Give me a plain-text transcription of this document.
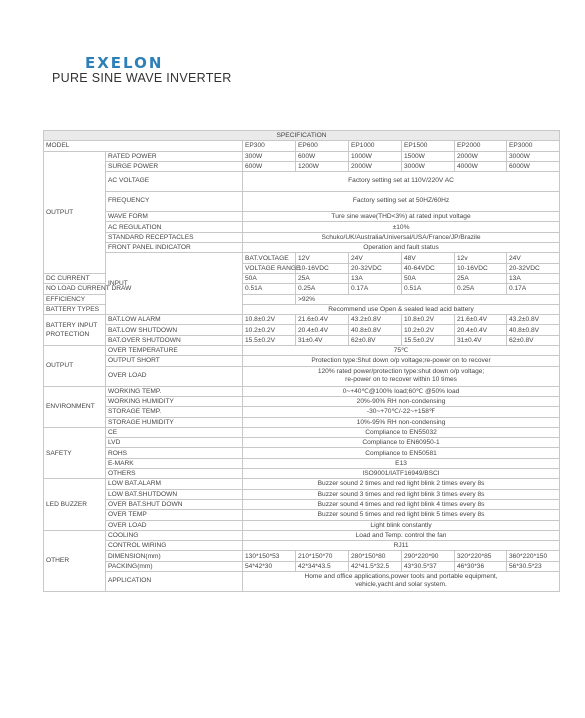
EXELON
PURE SINE WAVE INVERTER
SPECIFICATION								
MODEL		EP300	EP600	EP1000	EP1500	EP2000	EP3000	
OUTPUT	RATED POWER	300W	600W	1000W	1500W	2000W	3000W	
	SURGE POWER	600W	1200W	2000W	3000W	4000W	6000W	
	AC VOLTAGE	Factory setting set at 110V/220V AC						
	FREQUENCY	Factory setting set at 50HZ/60Hz						
	WAVE FORM	Ture sine wave(THD<3%) at rated input voltage						
	AC REGULATION	±10%						
	STANDARD RECEPTACLES	Schuko/UK/Australia/Universal/USA/France/JP/Brazile						
	FRONT PANEL INDICATOR	Operation and fault status						
	INPUT	BAT.VOLTAGE	12V	24V	48V	12v	24V	
		VOLTAGE RANGE	10-16VDC	20-32VDC	40-64VDC	10-16VDC	20-32VDC	
DC CURRENT		50A	25A	13A	50A	25A	13A	
NO LOAD CURRENT DRAW		0.51A	0.25A	0.17A	0.51A	0.25A	0.17A	
EFFICIENCY			>92%					
BATTERY TYPES		Recommend use Open & sealed lead acid battery						

BATTERY INPUT
PROTECTION	BAT.LOW ALARM	10.8±0.2V	21.6±0.4V	43.2±0.8V	10.8±0.2V	21.6±0.4V	43.2±0.8V	
	BAT.LOW SHUTDOWN	10.2±0.2V	20.4±0.4V	40.8±0.8V	10.2±0.2V	20.4±0.4V	40.8±0.8V	
	BAT.OVER SHUTDOWN	15.5±0.2V	31±0.4V	62±0.8V	15.5±0.2V	31±0.4V	62±0.8V	
OUTPUT	OVER TEMPERATURE	75℃						
	OUTPUT SHORT	Protection type:Shut down o/p voltage;re-power on to recover						
	OVER LOAD	120% rated power/protection type:shut down o/p voltage;
re-power on to recover within 10 times						

ENVIRONMENT	WORKING TEMP.	0~+40℃@100% load;60℃ @50% load						
	WORKING HUMIDITY	20%-90% RH non-condensing						
	STORAGE TEMP.	-30~+70℃/-22~+158℉						
	STORAGE HUMIDITY	10%-95% RH non-condensing						
SAFETY	CE	Compliance to EN55032						
	LVD	Compliance to EN60950-1						
	ROHS	Compliance to EN50581						
	E-MARK	E13						
	OTHERS	ISO9001/IATF16949/BSCI						
LED BUZZER	LOW BAT.ALARM	Buzzer sound 2 times and red light blink 2 times every 8s						
	LOW BAT.SHUTDOWN	Buzzer sound 3 times and red light blink 3 times every 8s						
	OVER BAT.SHUT DOWN	Buzzer sound 4 times and red light blink 4 times every 8s						
	OVER TEMP	Buzzer sound 5 times and red light blink 5 times every 8s						
	OVER LOAD	Light blink constantly						
OTHER	COOLING	Load and Temp. control the fan						
	CONTROL WIRING	RJ11						
	DIMENSION(mm)	130*150*53	210*150*70	280*150*80	290*220*90	320*220*85	360*220*150	
	PACKING(mm)	54*42*30	42*34*43.5	42*41.5*32.5	43*30.5*37	46*30*36	56*30.5*23	
	APPLICATION	Home and office applications,power tools and portable equipment,
vehicle,yacht and solar system.						
